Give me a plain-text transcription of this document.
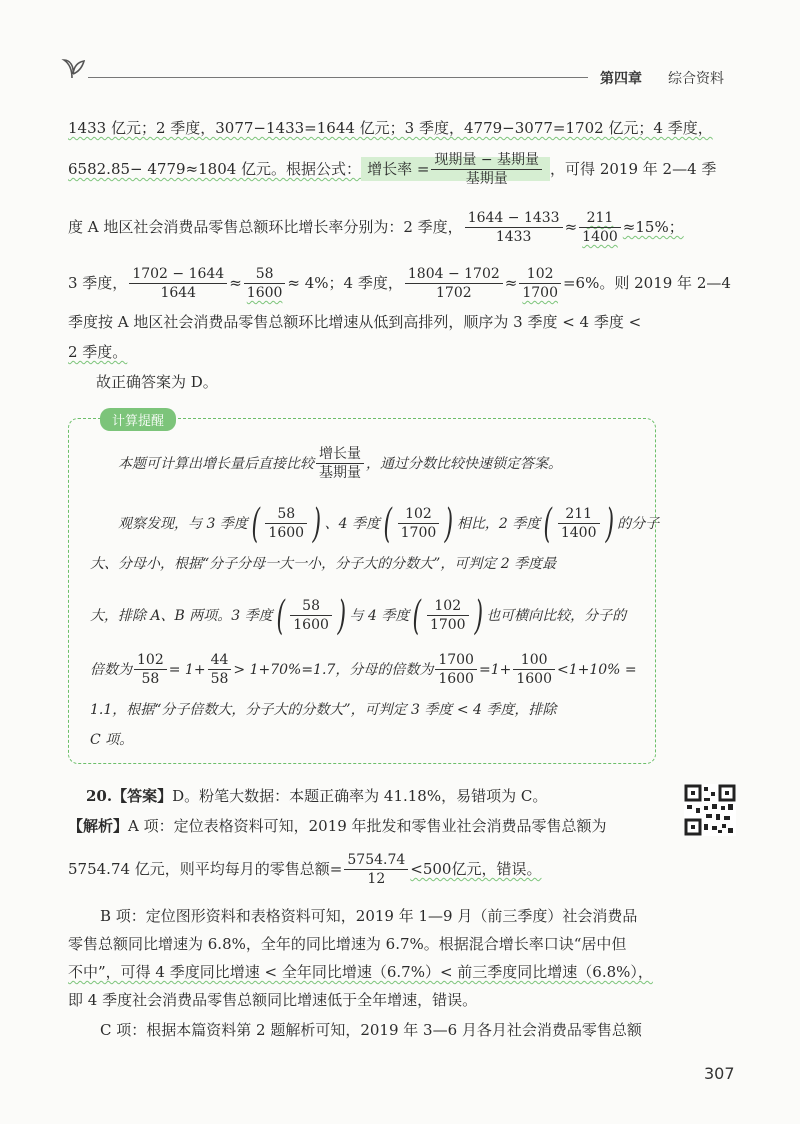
第四章 综合资料
1433 亿元；2 季度，3077−1433=1644 亿元；3 季度，4779−3077=1702 亿元；4 季度，
6582.85− 4779≈1804 亿元。根据公式： 增长率 = $\frac{\text{现期量 − 基期量}}{\text{基期量}}$ ，可得 2019 年 2—4 季
度 A 地区社会消费品零售总额环比增长率分别为：2 季度， $\frac{1644 - 1433}{1433} \approx \frac{211}{1400} \approx 15\%$；
3 季度， $\frac{1702 - 1644}{1644} \approx \frac{58}{1600} \approx 4\%$；4 季度， $\frac{1804 - 1702}{1702} \approx \frac{102}{1700} =6\%$。则 2019 年 2—4
季度按 A 地区社会消费品零售总额环比增速从低到高排列，顺序为 3 季度 < 4 季度 <
2 季度。
故正确答案为 D。
计算提醒
本题可计算出增长量后直接比较 $\frac{\text{增长量}}{\text{基期量}}$ ，通过分数比较快速锁定答案。
观察发现，与 3 季度 ( $\frac{58}{1600}$ ) 、4 季度 ( $\frac{102}{1700}$ ) 相比，2 季度 ( $\frac{211}{1400}$ ) 的分子
大、分母小，根据“分子分母一大一小，分子大的分数大”，可判定 2 季度最
大，排除 A、B 两项。3 季度 ( $\frac{58}{1600}$ ) 与 4 季度 ( $\frac{102}{1700}$ ) 也可横向比较，分子的
倍数为 $\frac{102}{58} = 1+ \frac{44}{58} > 1+70\%=1.7$，分母的倍数为 $\frac{1700}{1600} =1+ \frac{100}{1600} <1+10\%$ =
1.1，根据“分子倍数大，分子大的分数大”，可判定 3 季度 < 4 季度，排除
C 项。
20.【答案】D。粉笔大数据：本题正确率为 41.18%，易错项为 C。
【解析】A 项：定位表格资料可知，2019 年批发和零售业社会消费品零售总额为
5754.74 亿元，则平均每月的零售总额= $\frac{5754.74}{12} <500$亿元，错误。
B 项：定位图形资料和表格资料可知，2019 年 1—9 月（前三季度）社会消费品
零售总额同比增速为 6.8%，全年的同比增速为 6.7%。根据混合增长率口诀“居中但
不中”，可得 4 季度同比增速 < 全年同比增速（6.7%）< 前三季度同比增速（6.8%），
即 4 季度社会消费品零售总额同比增速低于全年增速，错误。
C 项：根据本篇资料第 2 题解析可知，2019 年 3—6 月各月社会消费品零售总额
307
